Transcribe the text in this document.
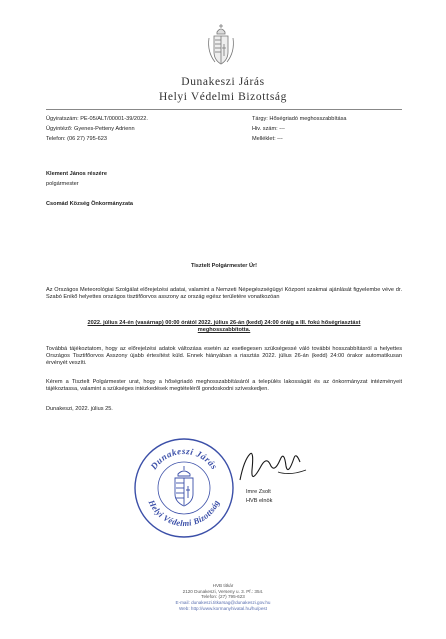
Dunakeszi Járás
Helyi Védelmi Bizottság
Ügyiratszám: PE-05/ALT/00001-39/2022.
Ügyintéző: Gyenes-Petteny Adrienn
Telefon: (06 27) 795-623
Tárgy: Hőségriadó meghosszabbítása
Hiv. szám: ---
Melléklet: ---
Klement János részére
polgármester
Csomád Község Önkormányzata
Tisztelt Polgármester Úr!
Az Országos Meteorológiai Szolgálat előrejelzési adatai, valamint a Nemzeti Népegészségügyi Központ szakmai ajánlását figyelembe véve dr. Szabó Enikő helyettes országos tisztifőorvos asszony az ország egész területére vonatkozóan
2022. július 24-én (vasárnap) 00:00 órától 2022. július 26-án (kedd) 24:00 óráig a III. fokú hőségriasztást meghosszabbította.
Továbbá tájékoztatom, hogy az előrejelzési adatok változása esetén az esetlegesen szükségessé váló további hosszabbításról a helyettes Országos Tisztifőorvos Asszony újabb értesítést küld. Ennek hiányában a riasztás 2022. július 26-án (kedd) 24:00 órakor automatikusan érvényét veszíti.
Kérem a Tisztelt Polgármester urat, hogy a hőségriadó meghosszabbításáról a település lakosságát és az önkormányzat intézményeit tájékoztassa, valamint a szükséges intézkedések megtételéről gondoskodni szíveskedjen.
Dunakeszi, 2022. július 25.
Dunakeszi Járás
Helyi Védelmi Bizottság
Imre Zsolt
HVB elnök
HVB titkár
2120 Dunakeszi, Verseny u. 3. Pf.: 354.
Telefon: (27) 795-623
E-mail: dunakeszi.titkarsag@dunakeszi.gov.hu
Web: http://www.kormanyhivatal.hu/hu/pest
